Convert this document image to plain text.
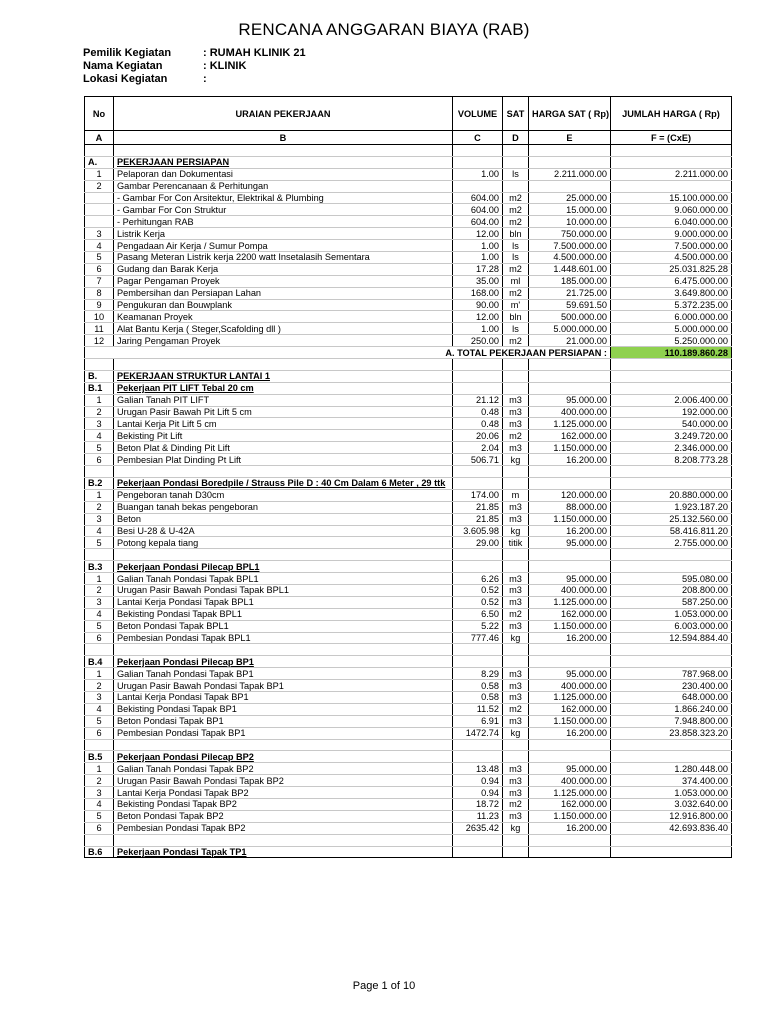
RENCANA ANGGARAN BIAYA (RAB)
Pemilik Kegiatan	: RUMAH KLINIK 21
Nama Kegiatan	: KLINIK
Lokasi Kegiatan	:
No	URAIAN PEKERJAAN	VOLUME	SAT	HARGA SAT ( Rp)	JUMLAH HARGA ( Rp)
A	B	C	D	E	F = (CxE)

A.	PEKERJAAN PERSIAPAN				
1	Pelaporan dan Dokumentasi	1.00	ls	2.211.000.00	2.211.000.00
2	Gambar Perencanaan & Perhitungan				
	- Gambar For Con Arsitektur, Elektrikal & Plumbing	604.00	m2	25.000.00	15.100.000.00
	- Gambar For Con Struktur	604.00	m2	15.000.00	9.060.000.00
	- Perhitungan RAB	604.00	m2	10.000.00	6.040.000.00
3	Listrik Kerja	12.00	bln	750.000.00	9.000.000.00
4	Pengadaan Air Kerja / Sumur Pompa	1.00	ls	7.500.000.00	7.500.000.00
5	Pasang Meteran Listrik kerja 2200 watt Insetalasih Sementara	1.00	ls	4.500.000.00	4.500.000.00
6	Gudang dan Barak Kerja	17.28	m2	1.448.601.00	25.031.825.28
7	Pagar Pengaman Proyek	35.00	ml	185.000.00	6.475.000.00
8	Pembersihan dan Persiapan Lahan	168.00	m2	21.725.00	3.649.800.00
9	Pengukuran dan Bouwplank	90.00	m'	59.691.50	5.372.235.00
10	Keamanan Proyek	12.00	bln	500.000.00	6.000.000.00
11	Alat Bantu Kerja ( Steger,Scafolding dll )	1.00	ls	5.000.000.00	5.000.000.00
12	Jaring Pengaman Proyek	250.00	m2	21.000.00	5.250.000.00
A. TOTAL PEKERJAAN PERSIAPAN :					110.189.860.28

B.	PEKERJAAN STRUKTUR LANTAI 1				
B.1	Pekerjaan PIT LIFT Tebal 20 cm				
1	Galian Tanah PIT LIFT	21.12	m3	95.000.00	2.006.400.00
2	Urugan Pasir Bawah Pit Lift 5 cm	0.48	m3	400.000.00	192.000.00
3	Lantai Kerja Pit Lift 5 cm	0.48	m3	1.125.000.00	540.000.00
4	Bekisting Pit Lift	20.06	m2	162.000.00	3.249.720.00
5	Beton Plat & Dinding Pit Lift	2.04	m3	1.150.000.00	2.346.000.00
6	Pembesian Plat Dinding Pt Lift	506.71	kg	16.200.00	8.208.773.28

B.2	Pekerjaan Pondasi Boredpile / Strauss Pile D : 40 Cm Dalam 6 Meter , 29 ttk				
1	Pengeboran tanah D30cm	174.00	m	120.000.00	20.880.000.00
2	Buangan tanah bekas pengeboran	21.85	m3	88.000.00	1.923.187.20
3	Beton	21.85	m3	1.150.000.00	25.132.560.00
4	Besi U-28 & U-42A	3.605.98	kg	16.200.00	58.416.811.20
5	Potong kepala tiang	29.00	titik	95.000.00	2.755.000.00

B.3	Pekerjaan Pondasi Pilecap BPL1				
1	Galian Tanah Pondasi Tapak BPL1	6.26	m3	95.000.00	595.080.00
2	Urugan Pasir Bawah Pondasi Tapak BPL1	0.52	m3	400.000.00	208.800.00
3	Lantai Kerja Pondasi Tapak BPL1	0.52	m3	1.125.000.00	587.250.00
4	Bekisting Pondasi Tapak BPL1	6.50	m2	162.000.00	1.053.000.00
5	Beton Pondasi Tapak BPL1	5.22	m3	1.150.000.00	6.003.000.00
6	Pembesian Pondasi Tapak BPL1	777.46	kg	16.200.00	12.594.884.40

B.4	Pekerjaan Pondasi Pilecap BP1				
1	Galian Tanah Pondasi Tapak BP1	8.29	m3	95.000.00	787.968.00
2	Urugan Pasir Bawah Pondasi Tapak BP1	0.58	m3	400.000.00	230.400.00
3	Lantai Kerja Pondasi Tapak BP1	0.58	m3	1.125.000.00	648.000.00
4	Bekisting Pondasi Tapak BP1	11.52	m2	162.000.00	1.866.240.00
5	Beton Pondasi Tapak BP1	6.91	m3	1.150.000.00	7.948.800.00
6	Pembesian Pondasi Tapak BP1	1472.74	kg	16.200.00	23.858.323.20

B.5	Pekerjaan Pondasi Pilecap BP2				
1	Galian Tanah Pondasi Tapak BP2	13.48	m3	95.000.00	1.280.448.00
2	Urugan Pasir Bawah Pondasi Tapak BP2	0.94	m3	400.000.00	374.400.00
3	Lantai Kerja Pondasi Tapak BP2	0.94	m3	1.125.000.00	1.053.000.00
4	Bekisting Pondasi Tapak BP2	18.72	m2	162.000.00	3.032.640.00
5	Beton Pondasi Tapak BP2	11.23	m3	1.150.000.00	12.916.800.00
6	Pembesian Pondasi Tapak BP2	2635.42	kg	16.200.00	42.693.836.40

B.6	Pekerjaan Pondasi Tapak TP1				
Page 1 of 10
